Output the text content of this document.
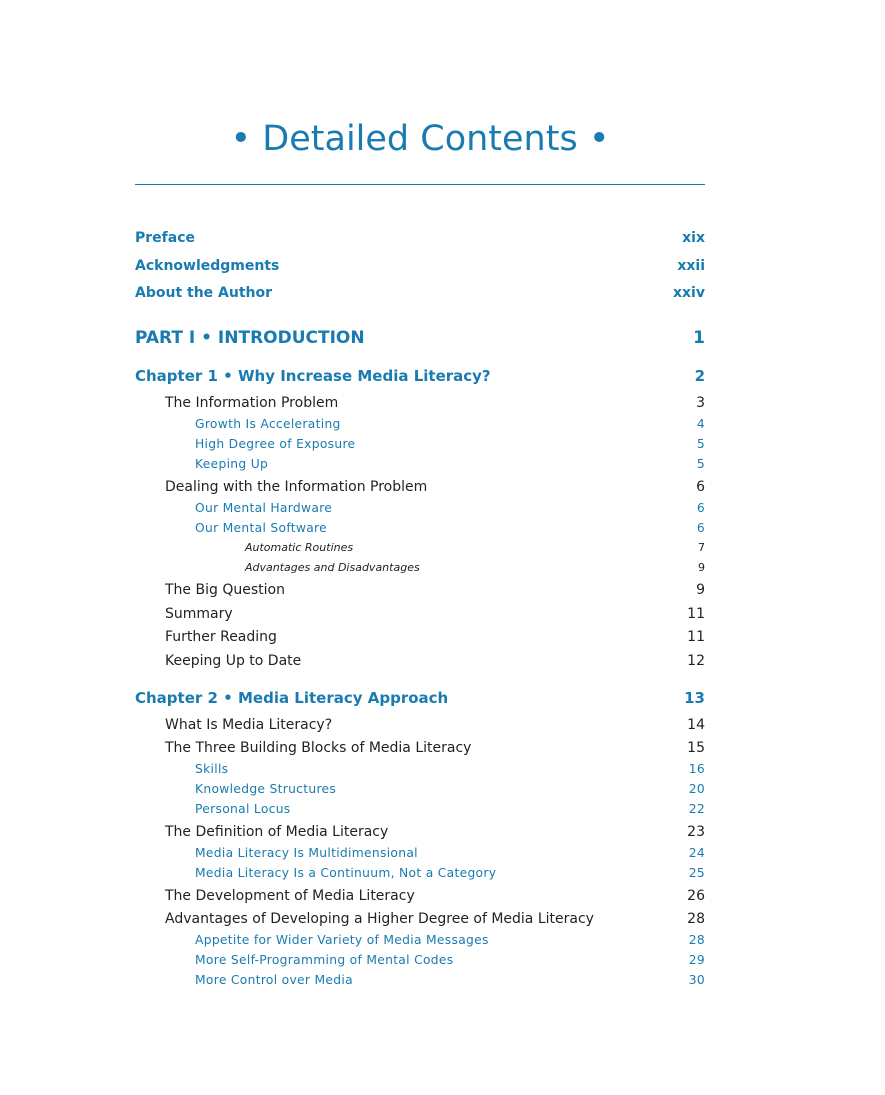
• Detailed Contents •
Preface	xix
Acknowledgments	xxii
About the Author	xxiv
PART I • INTRODUCTION	1
Chapter 1 • Why Increase Media Literacy?	2
The Information Problem	3
Growth Is Accelerating	4
High Degree of Exposure	5
Keeping Up	5
Dealing with the Information Problem	6
Our Mental Hardware	6
Our Mental Software	6
Automatic Routines	7
Advantages and Disadvantages	9
The Big Question	9
Summary	11
Further Reading	11
Keeping Up to Date	12
Chapter 2 • Media Literacy Approach	13
What Is Media Literacy?	14
The Three Building Blocks of Media Literacy	15
Skills	16
Knowledge Structures	20
Personal Locus	22
The Definition of Media Literacy	23
Media Literacy Is Multidimensional	24
Media Literacy Is a Continuum, Not a Category	25
The Development of Media Literacy	26
Advantages of Developing a Higher Degree of Media Literacy	28
Appetite for Wider Variety of Media Messages	28
More Self-Programming of Mental Codes	29
More Control over Media	30
